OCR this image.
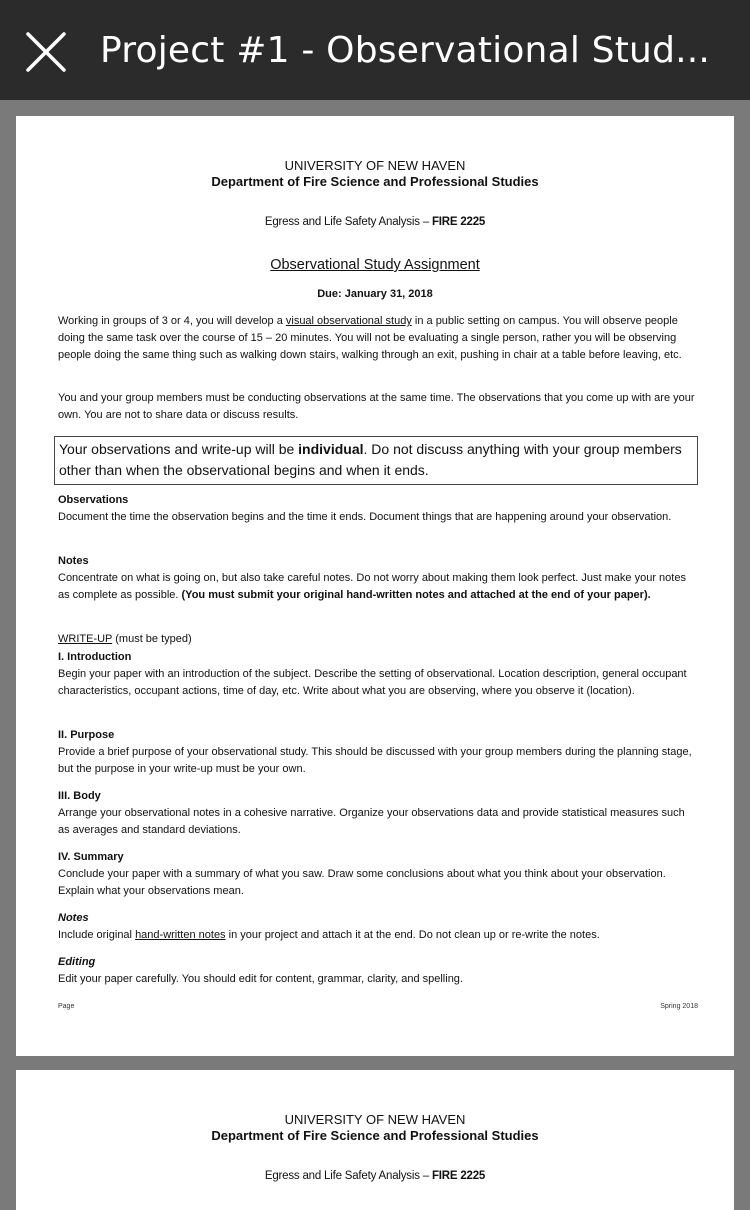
Project #1 - Observational Stud...
UNIVERSITY OF NEW HAVEN
Department of Fire Science and Professional Studies
Egress and Life Safety Analysis – FIRE 2225
Observational Study Assignment
Due: January 31, 2018
Working in groups of 3 or 4, you will develop a visual observational study in a public setting on campus. You will observe people doing the same task over the course of 15 – 20 minutes. You will not be evaluating a single person, rather you will be observing people doing the same thing such as walking down stairs, walking through an exit, pushing in chair at a table before leaving, etc.
You and your group members must be conducting observations at the same time. The observations that you come up with are your own. You are not to share data or discuss results.
Your observations and write-up will be individual. Do not discuss anything with your group members other than when the observational begins and when it ends.
Observations
Document the time the observation begins and the time it ends. Document things that are happening around your observation.
Notes
Concentrate on what is going on, but also take careful notes. Do not worry about making them look perfect. Just make your notes as complete as possible. (You must submit your original hand-written notes and attached at the end of your paper).
WRITE-UP (must be typed)
I. Introduction
Begin your paper with an introduction of the subject. Describe the setting of observational. Location description, general occupant characteristics, occupant actions, time of day, etc. Write about what you are observing, where you observe it (location).
II. Purpose
Provide a brief purpose of your observational study. This should be discussed with your group members during the planning stage, but the purpose in your write-up must be your own.
III. Body
Arrange your observational notes in a cohesive narrative. Organize your observations data and provide statistical measures such as averages and standard deviations.
IV. Summary
Conclude your paper with a summary of what you saw. Draw some conclusions about what you think about your observation. Explain what your observations mean.
Notes
Include original hand-written notes in your project and attach it at the end. Do not clean up or re-write the notes.
Editing
Edit your paper carefully. You should edit for content, grammar, clarity, and spelling.
Page	Spring 2018
UNIVERSITY OF NEW HAVEN
Department of Fire Science and Professional Studies
Egress and Life Safety Analysis – FIRE 2225
